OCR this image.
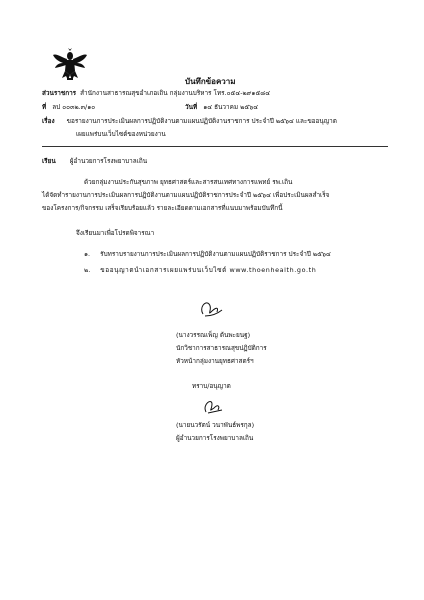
บันทึกข้อความ
ส่วนราชการ สำนักงานสาธารณสุขอำเภอเถิน กลุ่มงานบริหาร โทร.๐๕๔-๒๙๑๕๘๔
ที่ ลป ๐๐๓๒.๓/๑๐	วันที่ ๑๔ ธันวาคม ๒๕๖๔
เรื่อง ขอรายงานการประเมินผลการปฏิบัติงานตามแผนปฏิบัติงานราชการ ประจำปี ๒๕๖๔ และขออนุญาต
เผยแพร่บนเว็บไซต์ของหน่วยงาน
เรียน ผู้อำนวยการโรงพยาบาลเถิน
ด้วยกลุ่มงานประกันสุขภาพ ยุทธศาสตร์และสารสนเทศทางการแพทย์ รพ.เถิน
ได้จัดทำรายงานการประเมินผลการปฏิบัติงานตามแผนปฏิบัติราชการประจำปี ๒๕๖๔ เพื่อประเมินผลสำเร็จ
ของโครงการ/กิจกรรม เสร็จเรียบร้อยแล้ว รายละเอียดตามเอกสารที่แนบมาพร้อมบันทึกนี้
จึงเรียนมาเพื่อโปรดพิจารณา
๑. รับทราบรายงานการประเมินผลการปฏิบัติงานตามแผนปฏิบัติราชการ ประจำปี ๒๕๖๔
๒. ขออนุญาตนำเอกสารเผยแพร่บนเว็บไซต์ www.thoenhealth.go.th
(นางวรรณเพ็ญ ต้นพะยนฐ)
นักวิชาการสาธารณสุขปฏิบัติการ
หัวหน้ากลุ่มงานยุทธศาสตร์ฯ
ทราบ/อนุญาต
(นายนวรัตน์ วนาพันธ์พรกุล)
ผู้อำนวยการโรงพยาบาลเถิน
